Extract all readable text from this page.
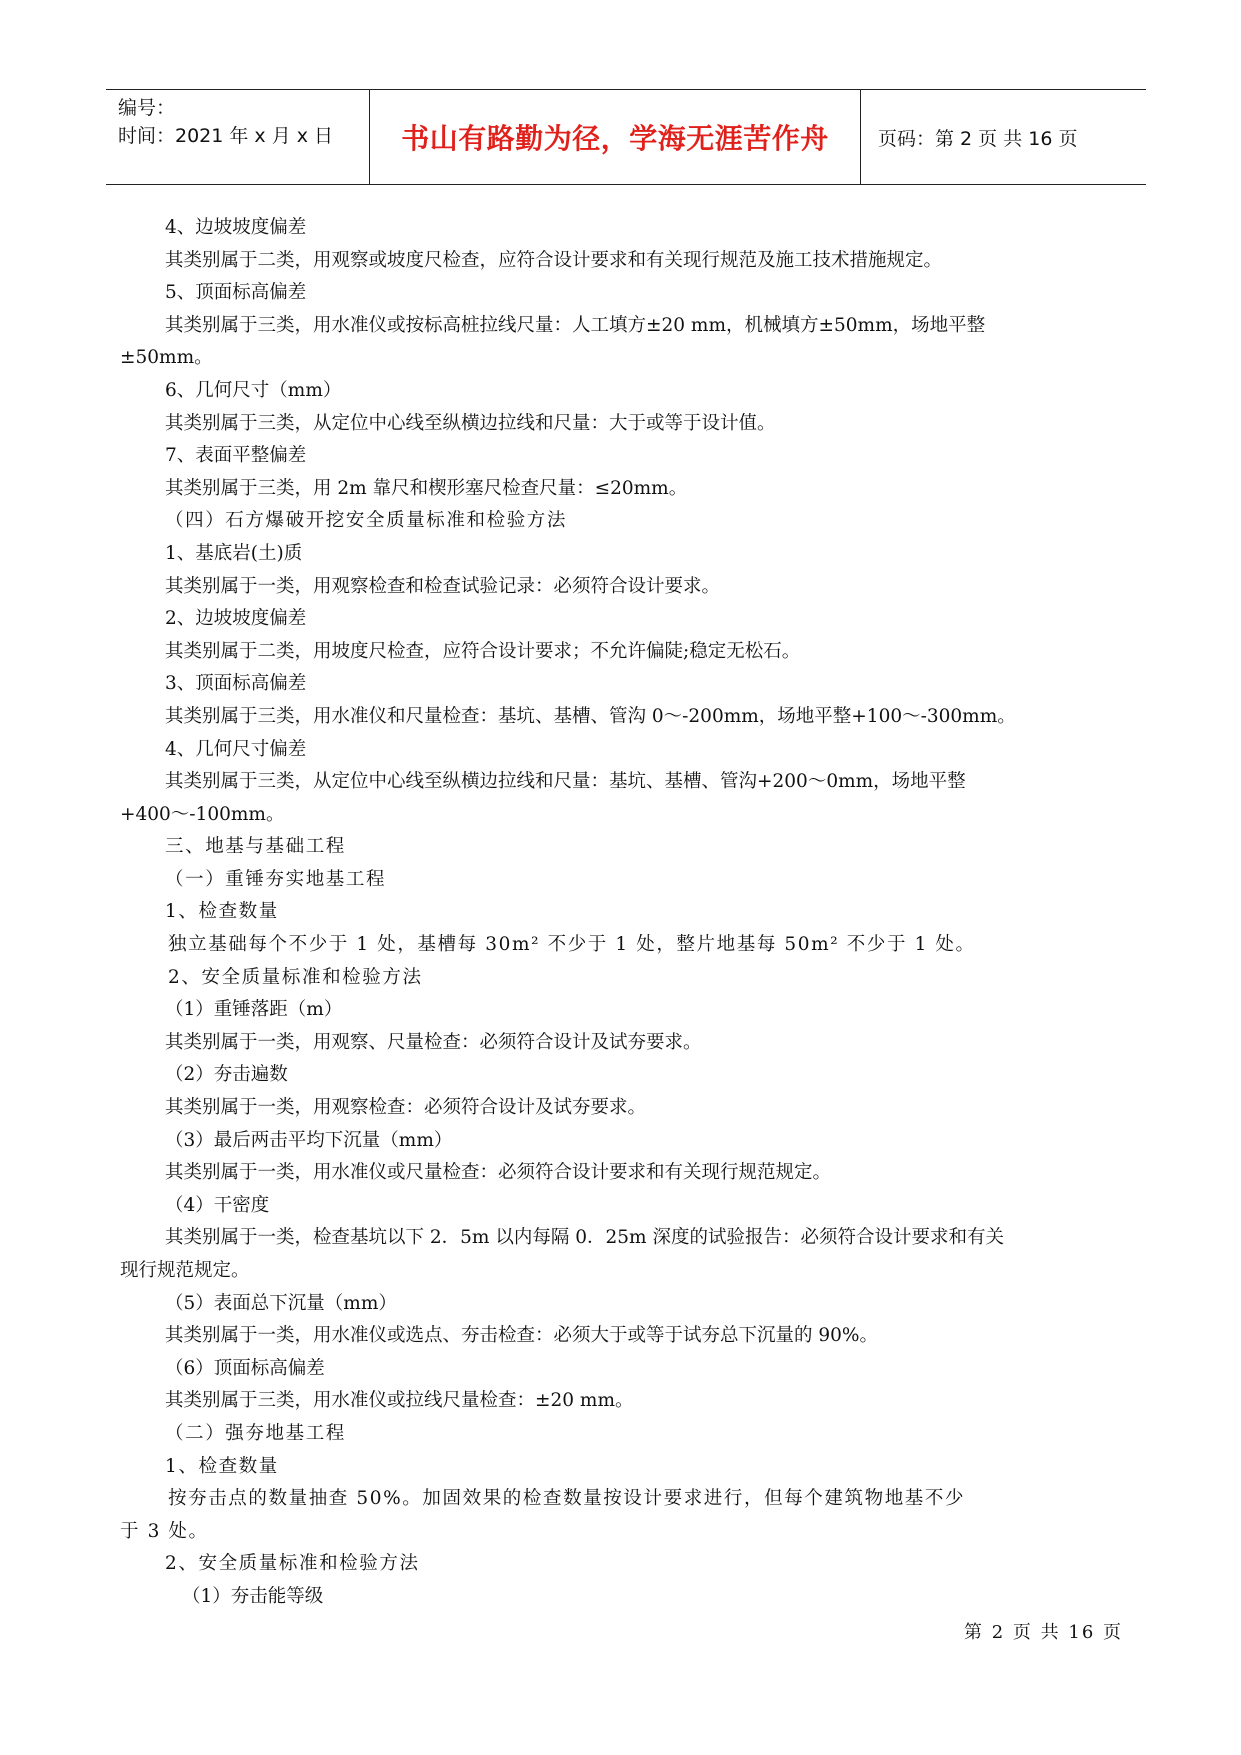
编号：
时间：2021 年 x 月 x 日	书山有路勤为径，学海无涯苦作舟	页码：第 2 页 共 16 页
4、边坡坡度偏差
其类别属于二类，用观察或坡度尺检查，应符合设计要求和有关现行规范及施工技术措施规定。
5、顶面标高偏差
其类别属于三类，用水准仪或按标高桩拉线尺量：人工填方±20 mm，机械填方±50mm，场地平整
±50mm。
6、几何尺寸（mm）
其类别属于三类，从定位中心线至纵横边拉线和尺量：大于或等于设计值。
7、表面平整偏差
其类别属于三类，用 2m 靠尺和楔形塞尺检查尺量：≤20mm。
（四）石方爆破开挖安全质量标准和检验方法
1、基底岩(土)质
其类别属于一类，用观察检查和检查试验记录：必须符合设计要求。
2、边坡坡度偏差
其类别属于二类，用坡度尺检查，应符合设计要求；不允许偏陡;稳定无松石。
3、顶面标高偏差
其类别属于三类，用水准仪和尺量检查：基坑、基槽、管沟 0～-200mm，场地平整+100～-300mm。
4、几何尺寸偏差
其类别属于三类，从定位中心线至纵横边拉线和尺量：基坑、基槽、管沟+200～0mm，场地平整
+400～-100mm。
三、地基与基础工程
（一）重锤夯实地基工程
1、检查数量
独立基础每个不少于 1 处，基槽每 30m² 不少于 1 处，整片地基每 50m² 不少于 1 处。
2、安全质量标准和检验方法
（1）重锤落距（m）
其类别属于一类，用观察、尺量检查：必须符合设计及试夯要求。
（2）夯击遍数
其类别属于一类，用观察检查：必须符合设计及试夯要求。
（3）最后两击平均下沉量（mm）
其类别属于一类，用水准仪或尺量检查：必须符合设计要求和有关现行规范规定。
（4）干密度
其类别属于一类，检查基坑以下 2．5m 以内每隔 0．25m 深度的试验报告：必须符合设计要求和有关
现行规范规定。
（5）表面总下沉量（mm）
其类别属于一类，用水准仪或选点、夯击检查：必须大于或等于试夯总下沉量的 90%。
（6）顶面标高偏差
其类别属于三类，用水准仪或拉线尺量检查：±20 mm。
（二）强夯地基工程
1、检查数量
按夯击点的数量抽查 50%。加固效果的检查数量按设计要求进行，但每个建筑物地基不少
于 3 处。
2、安全质量标准和检验方法
（1）夯击能等级
第 2 页 共 16 页
